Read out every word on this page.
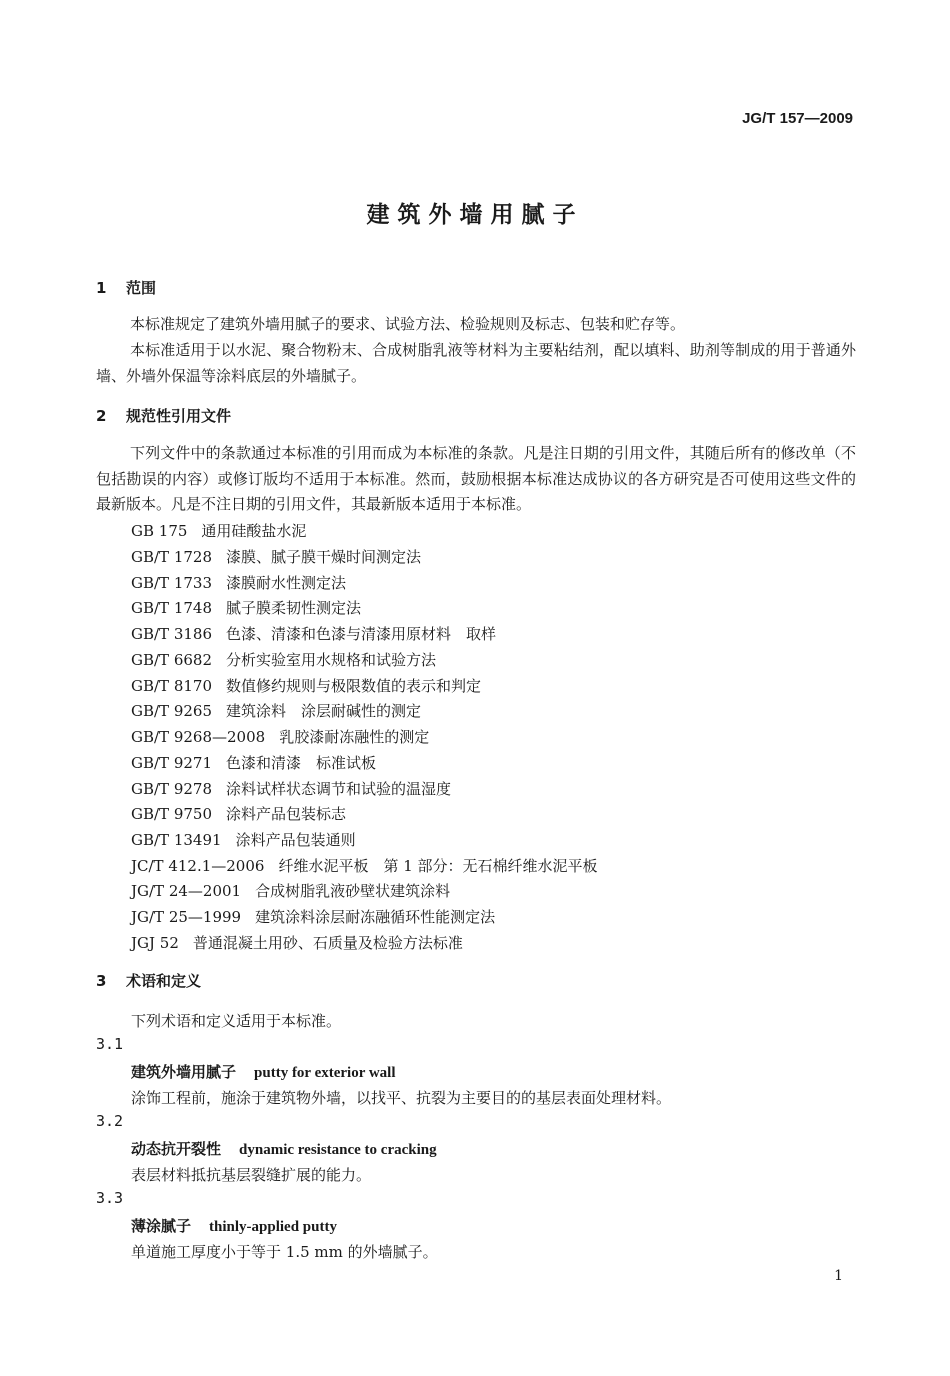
JG/T 157—2009
建筑外墙用腻子
1 范围
本标准规定了建筑外墙用腻子的要求、试验方法、检验规则及标志、包装和贮存等。
本标准适用于以水泥、聚合物粉末、合成树脂乳液等材料为主要粘结剂，配以填料、助剂等制成的用于普通外墙、外墙外保温等涂料底层的外墙腻子。
2 规范性引用文件
下列文件中的条款通过本标准的引用而成为本标准的条款。凡是注日期的引用文件，其随后所有的修改单（不包括勘误的内容）或修订版均不适用于本标准。然而，鼓励根据本标准达成协议的各方研究是否可使用这些文件的最新版本。凡是不注日期的引用文件，其最新版本适用于本标准。
GB 175 通用硅酸盐水泥
GB/T 1728 漆膜、腻子膜干燥时间测定法
GB/T 1733 漆膜耐水性测定法
GB/T 1748 腻子膜柔韧性测定法
GB/T 3186 色漆、清漆和色漆与清漆用原材料　取样
GB/T 6682 分析实验室用水规格和试验方法
GB/T 8170 数值修约规则与极限数值的表示和判定
GB/T 9265 建筑涂料　涂层耐碱性的测定
GB/T 9268—2008 乳胶漆耐冻融性的测定
GB/T 9271 色漆和清漆　标准试板
GB/T 9278 涂料试样状态调节和试验的温湿度
GB/T 9750 涂料产品包装标志
GB/T 13491 涂料产品包装通则
JC/T 412.1—2006 纤维水泥平板　第 1 部分：无石棉纤维水泥平板
JG/T 24—2001 合成树脂乳液砂壁状建筑涂料
JG/T 25—1999 建筑涂料涂层耐冻融循环性能测定法
JGJ 52 普通混凝土用砂、石质量及检验方法标准
3 术语和定义
下列术语和定义适用于本标准。
3.1
建筑外墙用腻子 putty for exterior wall
涂饰工程前，施涂于建筑物外墙，以找平、抗裂为主要目的的基层表面处理材料。
3.2
动态抗开裂性 dynamic resistance to cracking
表层材料抵抗基层裂缝扩展的能力。
3.3
薄涂腻子 thinly-applied putty
单道施工厚度小于等于 1.5 mm 的外墙腻子。
1
